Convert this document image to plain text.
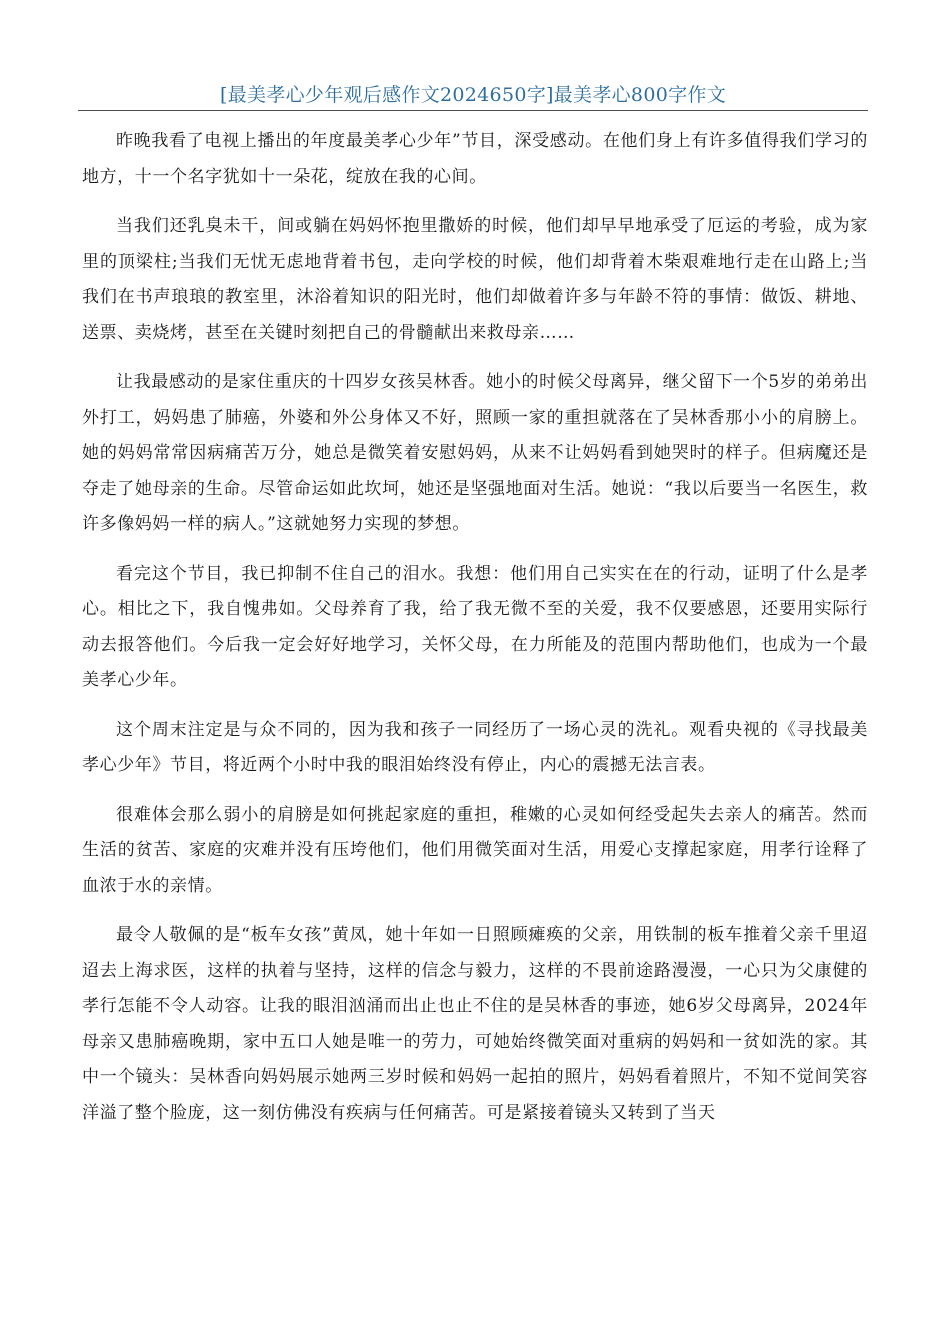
[最美孝心少年观后感作文2024650字]最美孝心800字作文

昨晚我看了电视上播出的年度最美孝心少年”节目，深受感动。在他们身上有许多值得我们学习的地方，十一个名字犹如十一朵花，绽放在我的心间。

当我们还乳臭未干，间或躺在妈妈怀抱里撒娇的时候，他们却早早地承受了厄运的考验，成为家里的顶梁柱;当我们无忧无虑地背着书包，走向学校的时候，他们却背着木柴艰难地行走在山路上;当我们在书声琅琅的教室里，沐浴着知识的阳光时，他们却做着许多与年龄不符的事情：做饭、耕地、送票、卖烧烤，甚至在关键时刻把自己的骨髓献出来救母亲……

让我最感动的是家住重庆的十四岁女孩吴林香。她小的时候父母离异，继父留下一个5岁的弟弟出外打工，妈妈患了肺癌，外婆和外公身体又不好，照顾一家的重担就落在了吴林香那小小的肩膀上。她的妈妈常常因病痛苦万分，她总是微笑着安慰妈妈，从来不让妈妈看到她哭时的样子。但病魔还是夺走了她母亲的生命。尽管命运如此坎坷，她还是坚强地面对生活。她说：“我以后要当一名医生，救许多像妈妈一样的病人。”这就她努力实现的梦想。

看完这个节目，我已抑制不住自己的泪水。我想：他们用自己实实在在的行动，证明了什么是孝心。相比之下，我自愧弗如。父母养育了我，给了我无微不至的关爱，我不仅要感恩，还要用实际行动去报答他们。今后我一定会好好地学习，关怀父母，在力所能及的范围内帮助他们，也成为一个最美孝心少年。

这个周末注定是与众不同的，因为我和孩子一同经历了一场心灵的洗礼。观看央视的《寻找最美孝心少年》节目，将近两个小时中我的眼泪始终没有停止，内心的震撼无法言表。

很难体会那么弱小的肩膀是如何挑起家庭的重担，稚嫩的心灵如何经受起失去亲人的痛苦。然而生活的贫苦、家庭的灾难并没有压垮他们，他们用微笑面对生活，用爱心支撑起家庭，用孝行诠释了血浓于水的亲情。

最令人敬佩的是“板车女孩”黄凤，她十年如一日照顾瘫痪的父亲，用铁制的板车推着父亲千里迢迢去上海求医，这样的执着与坚持，这样的信念与毅力，这样的不畏前途路漫漫，一心只为父康健的孝行怎能不令人动容。让我的眼泪汹涌而出止也止不住的是吴林香的事迹，她6岁父母离异，2024年母亲又患肺癌晚期，家中五口人她是唯一的劳力，可她始终微笑面对重病的妈妈和一贫如洗的家。其中一个镜头：吴林香向妈妈展示她两三岁时候和妈妈一起拍的照片，妈妈看着照片，不知不觉间笑容洋溢了整个脸庞，这一刻仿佛没有疾病与任何痛苦。可是紧接着镜头又转到了当天
